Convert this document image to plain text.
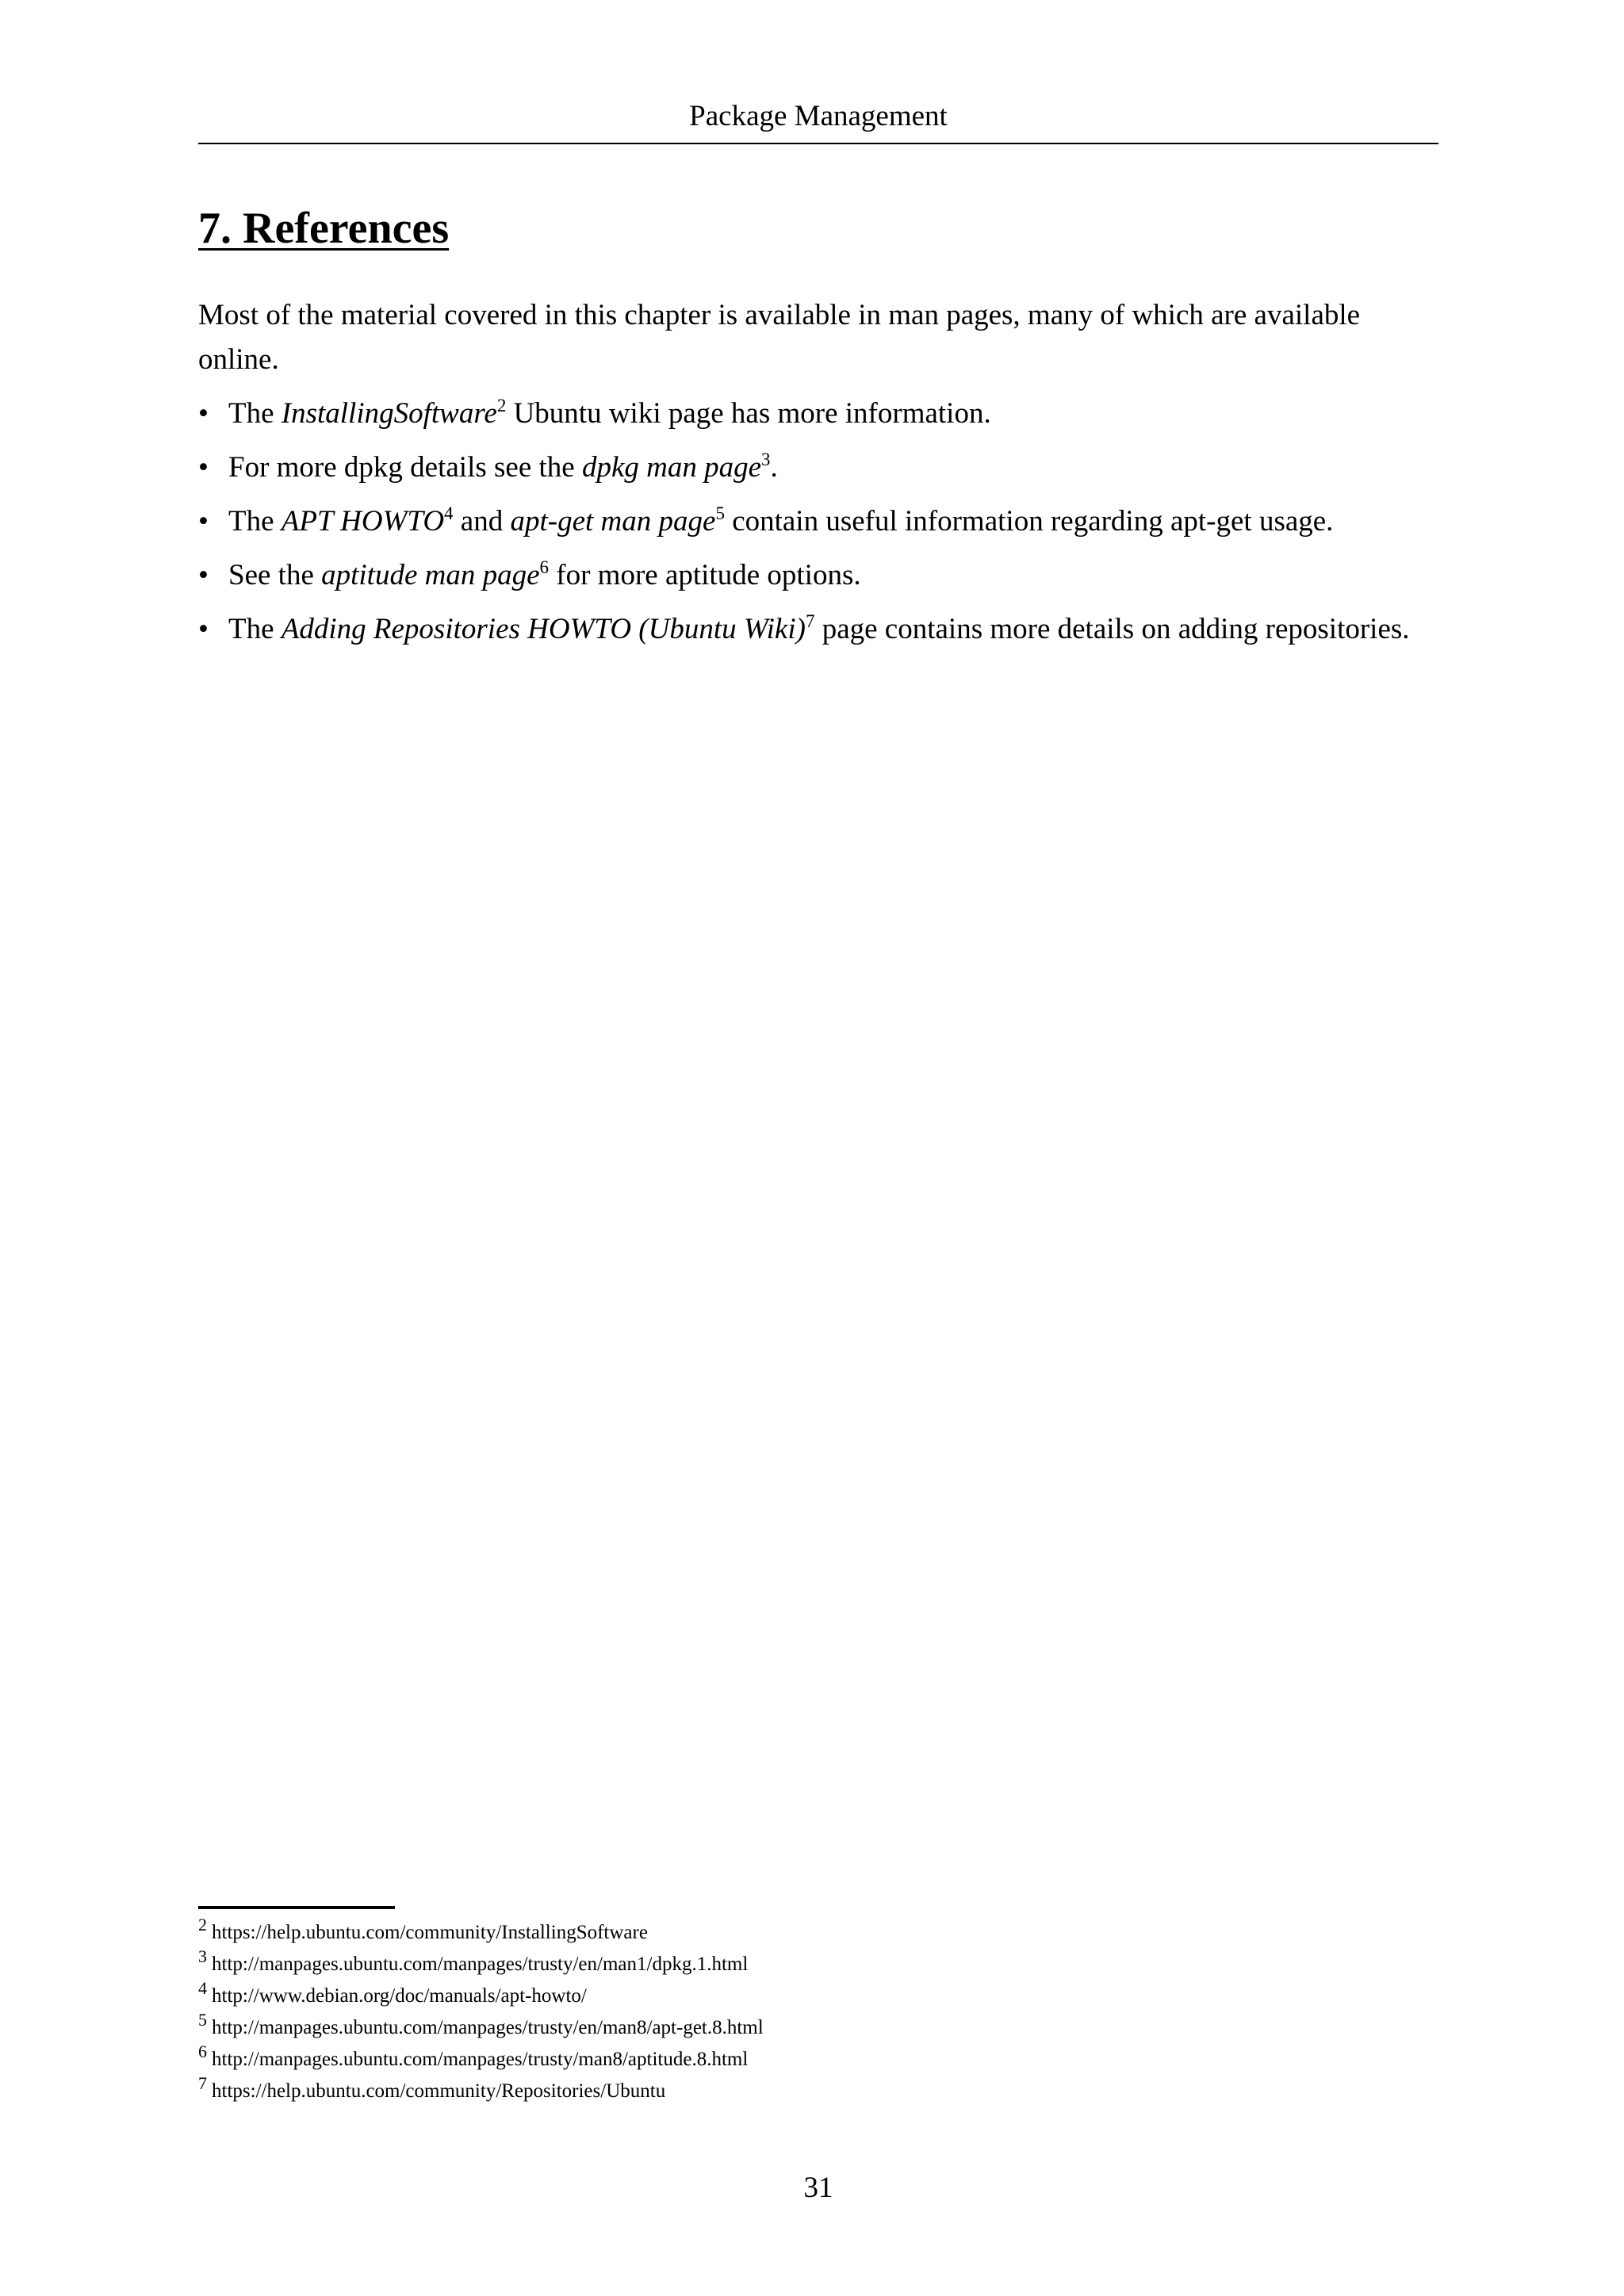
Package Management
7. References

Most of the material covered in this chapter is available in man pages, many of which are available online.

• The InstallingSoftware$^2$ Ubuntu wiki page has more information.
• For more dpkg details see the dpkg man page$^3$.
• The APT HOWTO$^4$ and apt-get man page$^5$ contain useful information regarding apt-get usage.
• See the aptitude man page$^6$ for more aptitude options.
• The Adding Repositories HOWTO (Ubuntu Wiki)$^7$ page contains more details on adding repositories.
$^2$ https://help.ubuntu.com/community/InstallingSoftware
$^3$ http://manpages.ubuntu.com/manpages/trusty/en/man1/dpkg.1.html
$^4$ http://www.debian.org/doc/manuals/apt-howto/
$^5$ http://manpages.ubuntu.com/manpages/trusty/en/man8/apt-get.8.html
$^6$ http://manpages.ubuntu.com/manpages/trusty/man8/aptitude.8.html
$^7$ https://help.ubuntu.com/community/Repositories/Ubuntu
31
